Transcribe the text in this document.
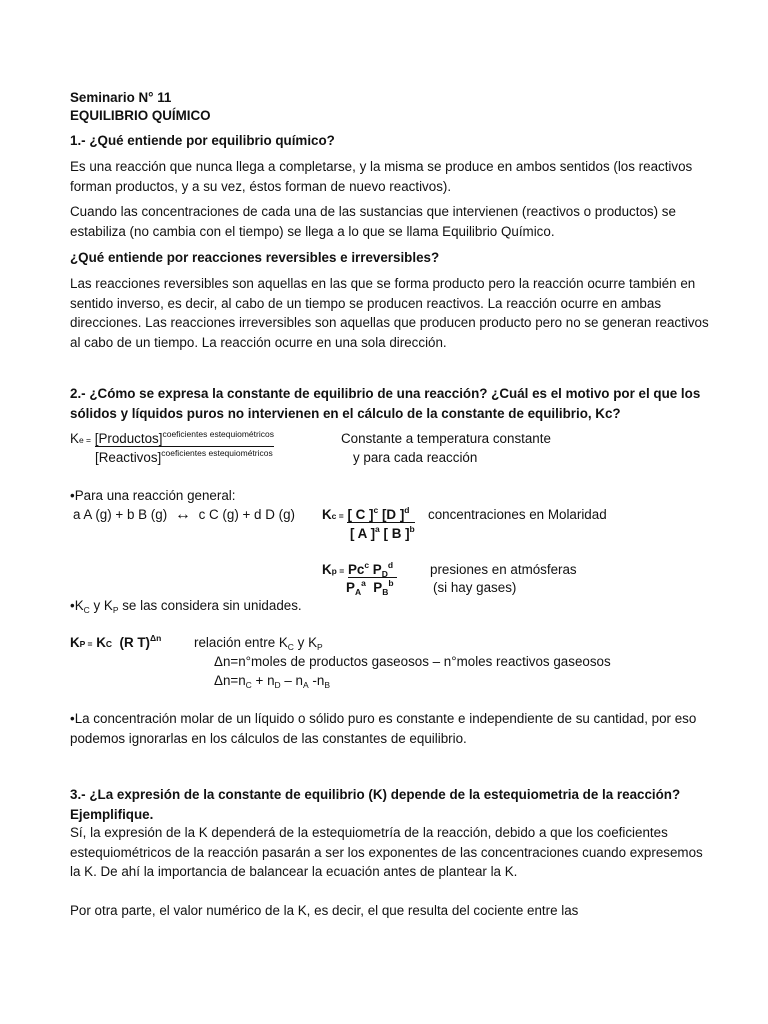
Seminario N° 11
EQUILIBRIO QUÍMICO
1.- ¿Qué entiende por equilibrio químico?

Es una reacción que nunca llega a completarse, y la misma se produce en ambos sentidos (los reactivos forman productos, y a su vez, éstos forman de nuevo reactivos).

Cuando las concentraciones de cada una de las sustancias que intervienen (reactivos o productos) se estabiliza (no cambia con el tiempo) se llega a lo que se llama Equilibrio Químico.

¿Qué entiende por reacciones reversibles e irreversibles?

Las reacciones reversibles son aquellas en las que se forma producto pero la reacción ocurre también en sentido inverso, es decir, al cabo de un tiempo se producen reactivos. La reacción ocurre en ambas direcciones. Las reacciones irreversibles son aquellas que producen producto pero no se generan reactivos al cabo de un tiempo. La reacción ocurre en una sola dirección.

2.- ¿Cómo se expresa la constante de equilibrio de una reacción? ¿Cuál es el motivo por el que los sólidos y líquidos puros no intervienen en el cálculo de la constante de equilibrio, Kc?

Ke = [Productos]$^{coeficientes estequiométricos}$
[Reactivos]$^{coeficientes estequiométricos}$
Constante a temperatura constante
y para cada reacción
•Para una reacción general:
a A (g) + b B (g) ↔ c C (g) + d D (g) Kc = [ C ]$^c$ [D ]$^d$
[ A ]$^a$ [ B ]$^b$
concentraciones en Molaridad
$Kp = Pc^c$ $P_D^d$
$P_A^a$ $P_B^b$
presiones en atmósferas
(si hay gases)
$•K_C$ y $K_P$ se las considera sin unidades.
KP = KC (R T)$^{\Delta n}$ relación entre $K_C$ y $K_P$
Δn=n°moles de productos gaseosos – n°moles reactivos gaseosos
$\Delta n=n_C + n_D - n_A$ $-n_B$

•La concentración molar de un líquido o sólido puro es constante e independiente de su cantidad, por eso podemos ignorarlas en los cálculos de las constantes de equilibrio.

3.- ¿La expresión de la constante de equilibrio (K) depende de la estequiometria de la reacción? Ejemplifique.

Sí, la expresión de la K dependerá de la estequiometría de la reacción, debido a que los coeficientes estequiométricos de la reacción pasarán a ser los exponentes de las concentraciones cuando expresemos la K. De ahí la importancia de balancear la ecuación antes de plantear la K.

Por otra parte, el valor numérico de la K, es decir, el que resulta del cociente entre las
